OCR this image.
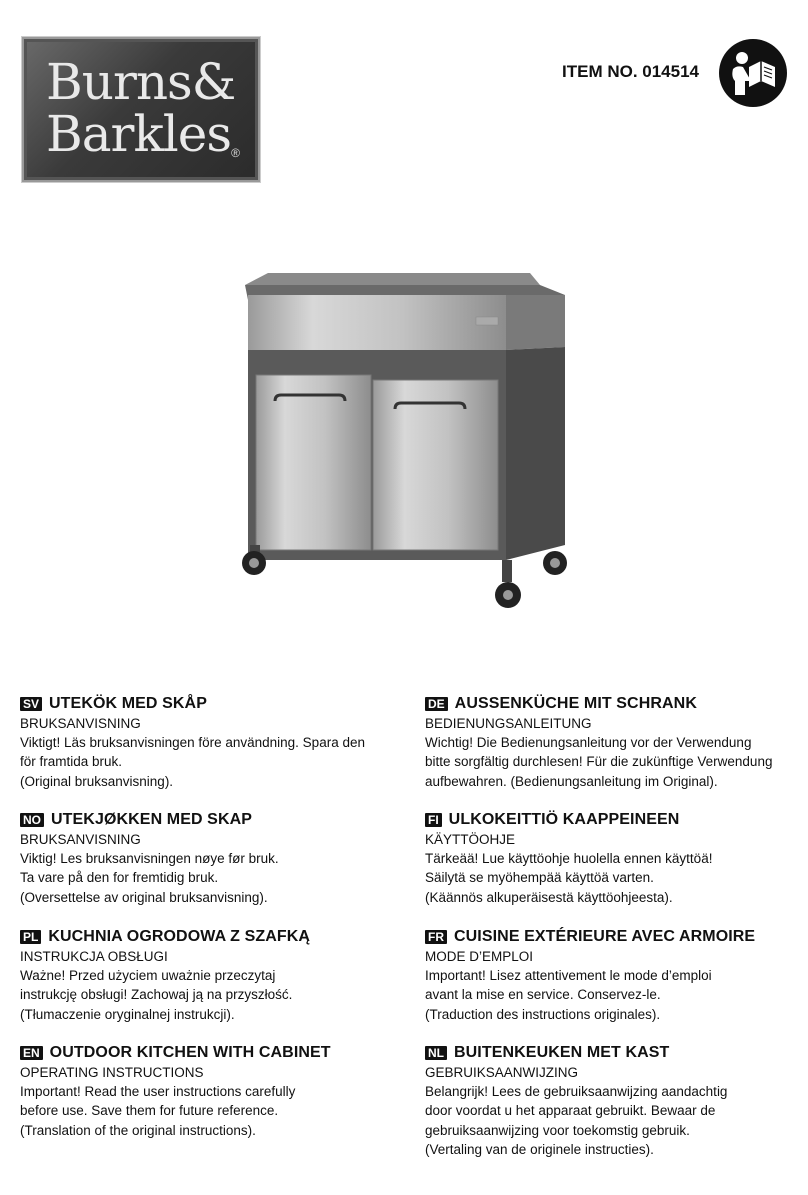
Burns&
Barkles ®
ITEM NO. 014514
SV UTEKÖK MED SKÅP
BRUKSANVISNING
Viktigt! Läs bruksanvisningen före användning. Spara den
för framtida bruk.
(Original bruksanvisning).
NO UTEKJØKKEN MED SKAP
BRUKSANVISNING
Viktig! Les bruksanvisningen nøye før bruk.
Ta vare på den for fremtidig bruk.
(Oversettelse av original bruksanvisning).
PL KUCHNIA OGRODOWA Z SZAFKĄ
INSTRUKCJA OBSŁUGI
Ważne! Przed użyciem uważnie przeczytaj
instrukcję obsługi! Zachowaj ją na przyszłość.
(Tłumaczenie oryginalnej instrukcji).
EN OUTDOOR KITCHEN WITH CABINET
OPERATING INSTRUCTIONS
Important! Read the user instructions carefully
before use. Save them for future reference.
(Translation of the original instructions).
DE AUSSENKÜCHE MIT SCHRANK
BEDIENUNGSANLEITUNG
Wichtig! Die Bedienungsanleitung vor der Verwendung
bitte sorgfältig durchlesen! Für die zukünftige Verwendung
aufbewahren. (Bedienungsanleitung im Original).
FI ULKOKEITTIÖ KAAPPEINEEN
KÄYTTÖOHJE
Tärkeää! Lue käyttöohje huolella ennen käyttöä!
Säilytä se myöhempää käyttöä varten.
(Käännös alkuperäisestä käyttöohjeesta).
FR CUISINE EXTÉRIEURE AVEC ARMOIRE
MODE D’EMPLOI
Important! Lisez attentivement le mode d’emploi
avant la mise en service. Conservez-le.
(Traduction des instructions originales).
NL BUITENKEUKEN MET KAST
GEBRUIKSAANWIJZING
Belangrijk! Lees de gebruiksaanwijzing aandachtig
door voordat u het apparaat gebruikt. Bewaar de
gebruiksaanwijzing voor toekomstig gebruik.
(Vertaling van de originele instructies).
